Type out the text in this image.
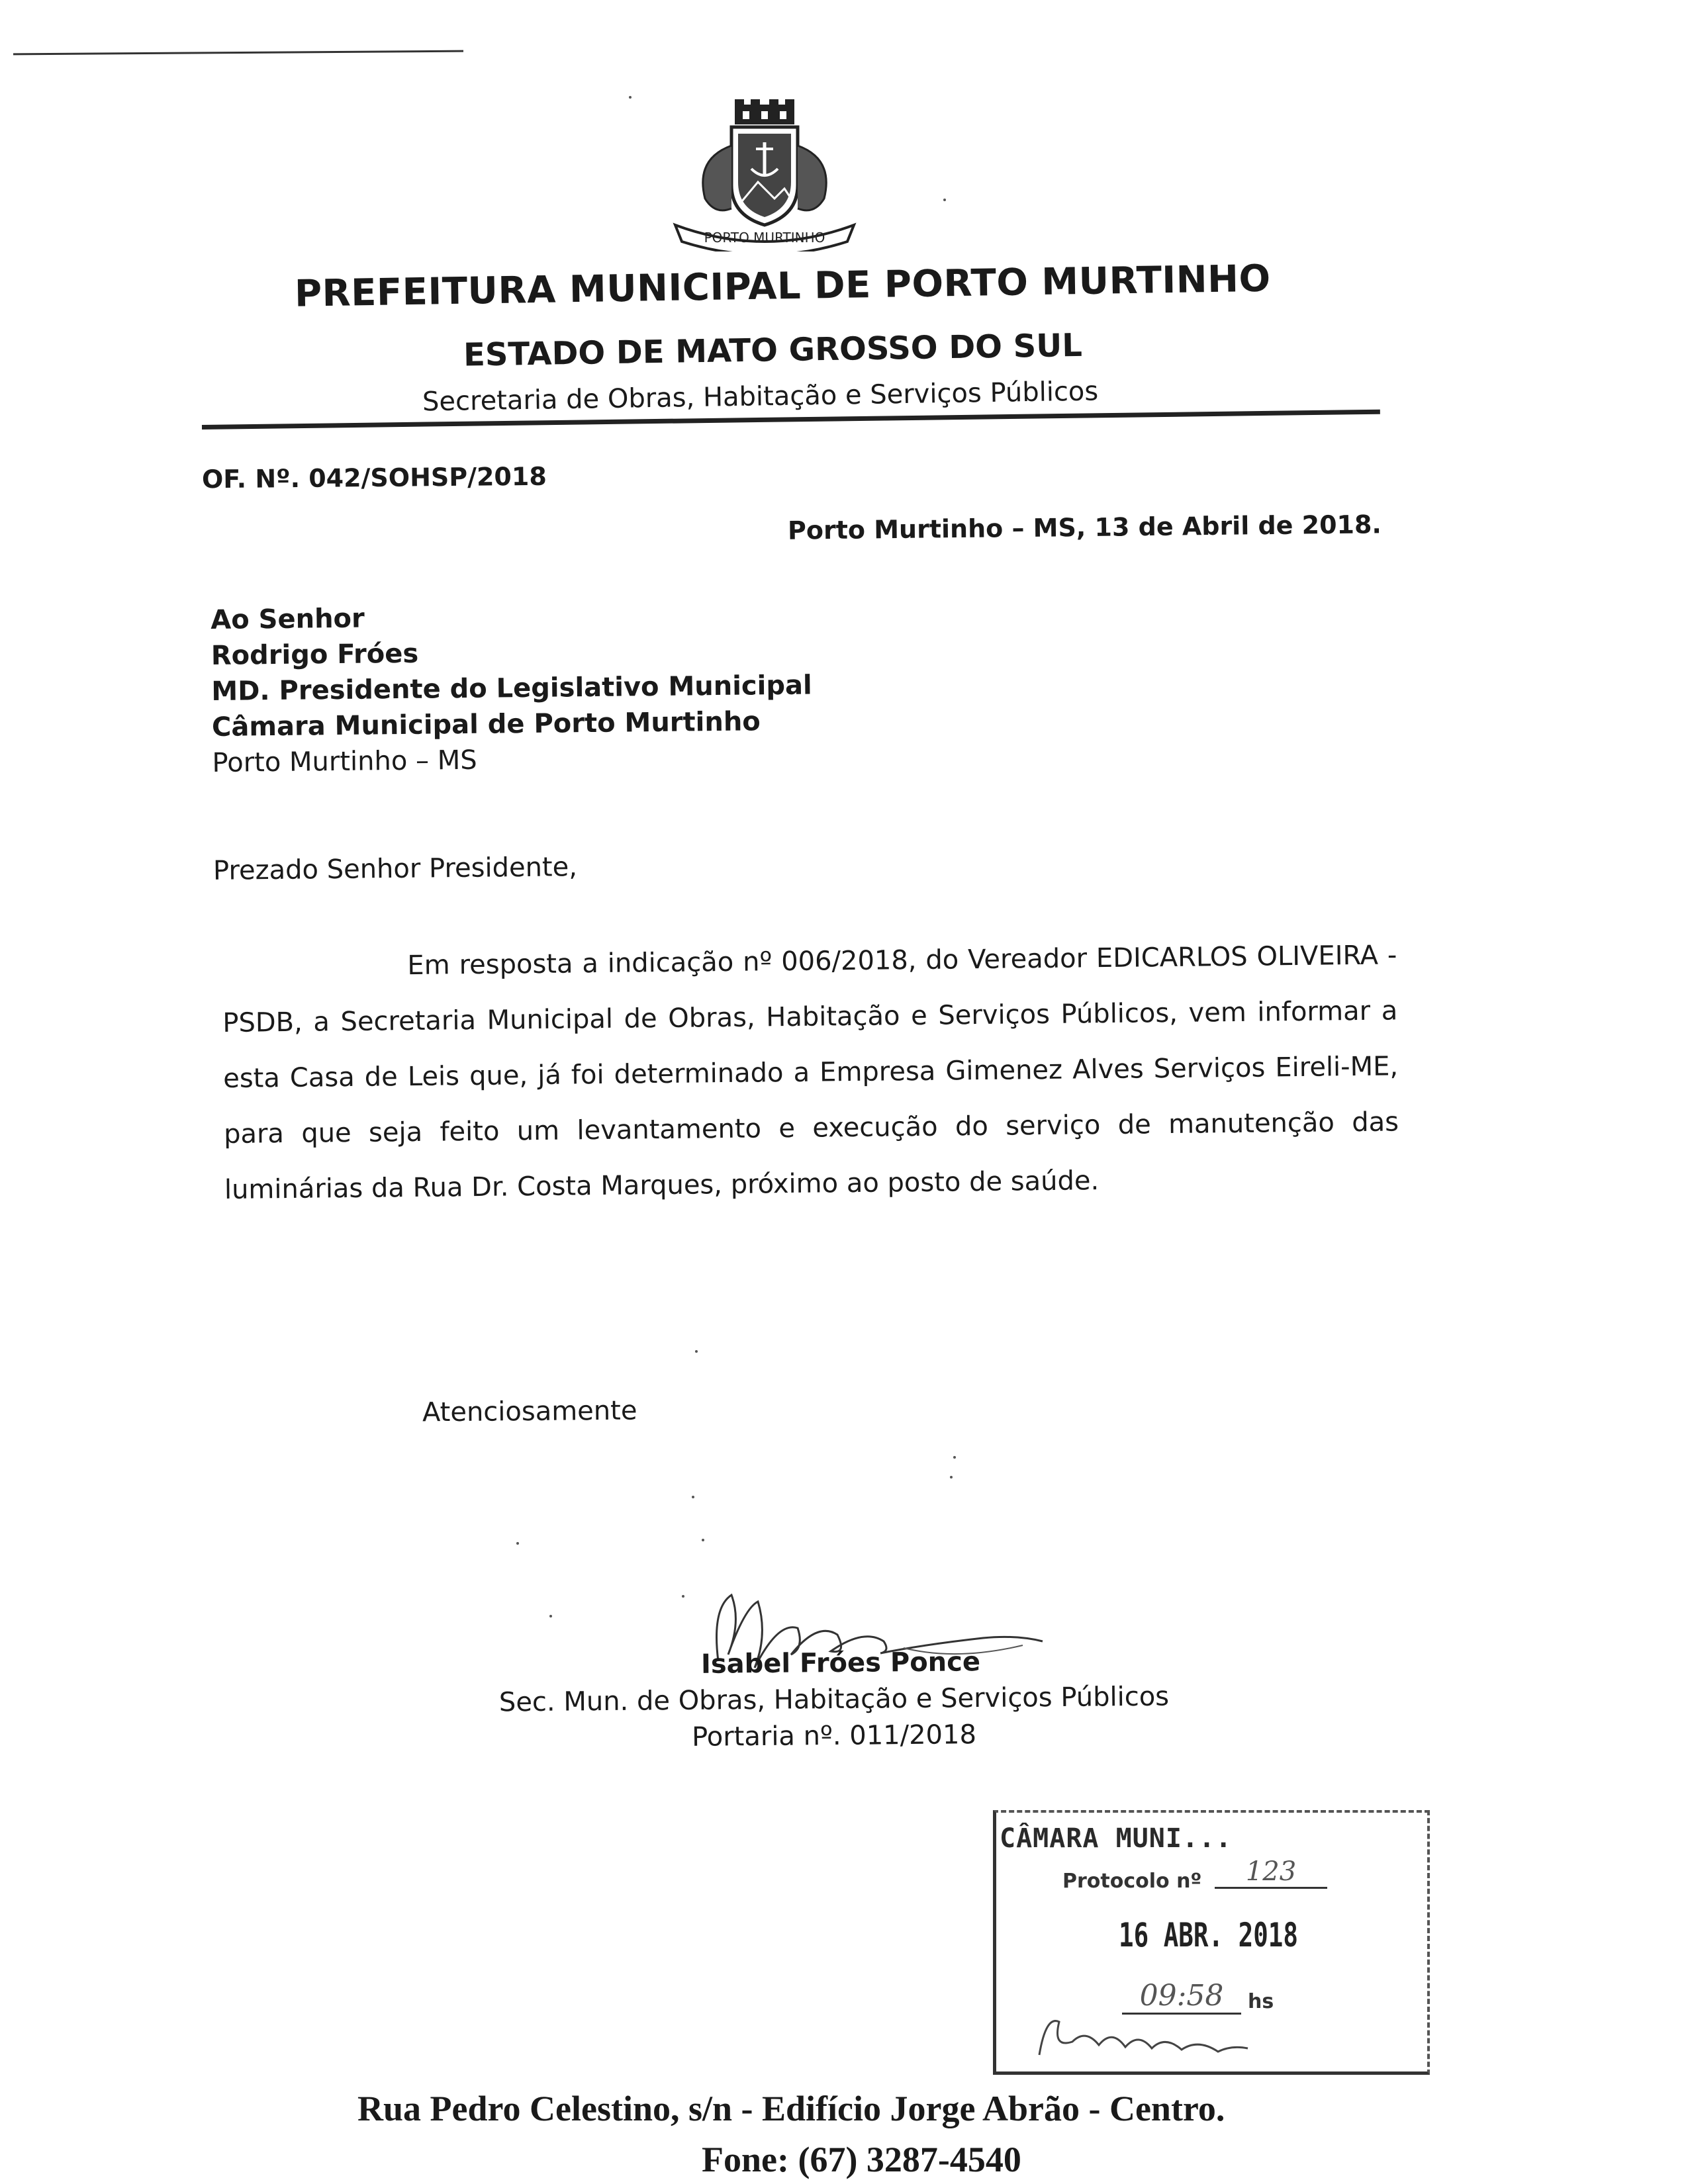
PORTO MURTINHO
PREFEITURA MUNICIPAL DE PORTO MURTINHO
ESTADO DE MATO GROSSO DO SUL
Secretaria de Obras, Habitação e Serviços Públicos
OF. Nº. 042/SOHSP/2018
Porto Murtinho – MS, 13 de Abril de 2018.
Ao Senhor
Rodrigo Fróes
MD. Presidente do Legislativo Municipal
Câmara Municipal de Porto Murtinho
Porto Murtinho – MS
Prezado Senhor Presidente,
Em resposta a indicação nº 006/2018, do Vereador EDICARLOS OLIVEIRA - PSDB, a Secretaria Municipal de Obras, Habitação e Serviços Públicos, vem informar a esta Casa de Leis que, já foi determinado a Empresa Gimenez Alves Serviços Eireli-ME, para que seja feito um levantamento e execução do serviço de manutenção das luminárias da Rua Dr. Costa Marques, próximo ao posto de saúde.
Atenciosamente
Isabel Fróes Ponce
Sec. Mun. de Obras, Habitação e Serviços Públicos
Portaria nº. 011/2018
CÂMARA MUNI...
Protocolo nº	123
16 ABR. 2018
09:58	hs
Rua Pedro Celestino, s/n - Edifício Jorge Abrão - Centro.
Fone: (67) 3287-4540
